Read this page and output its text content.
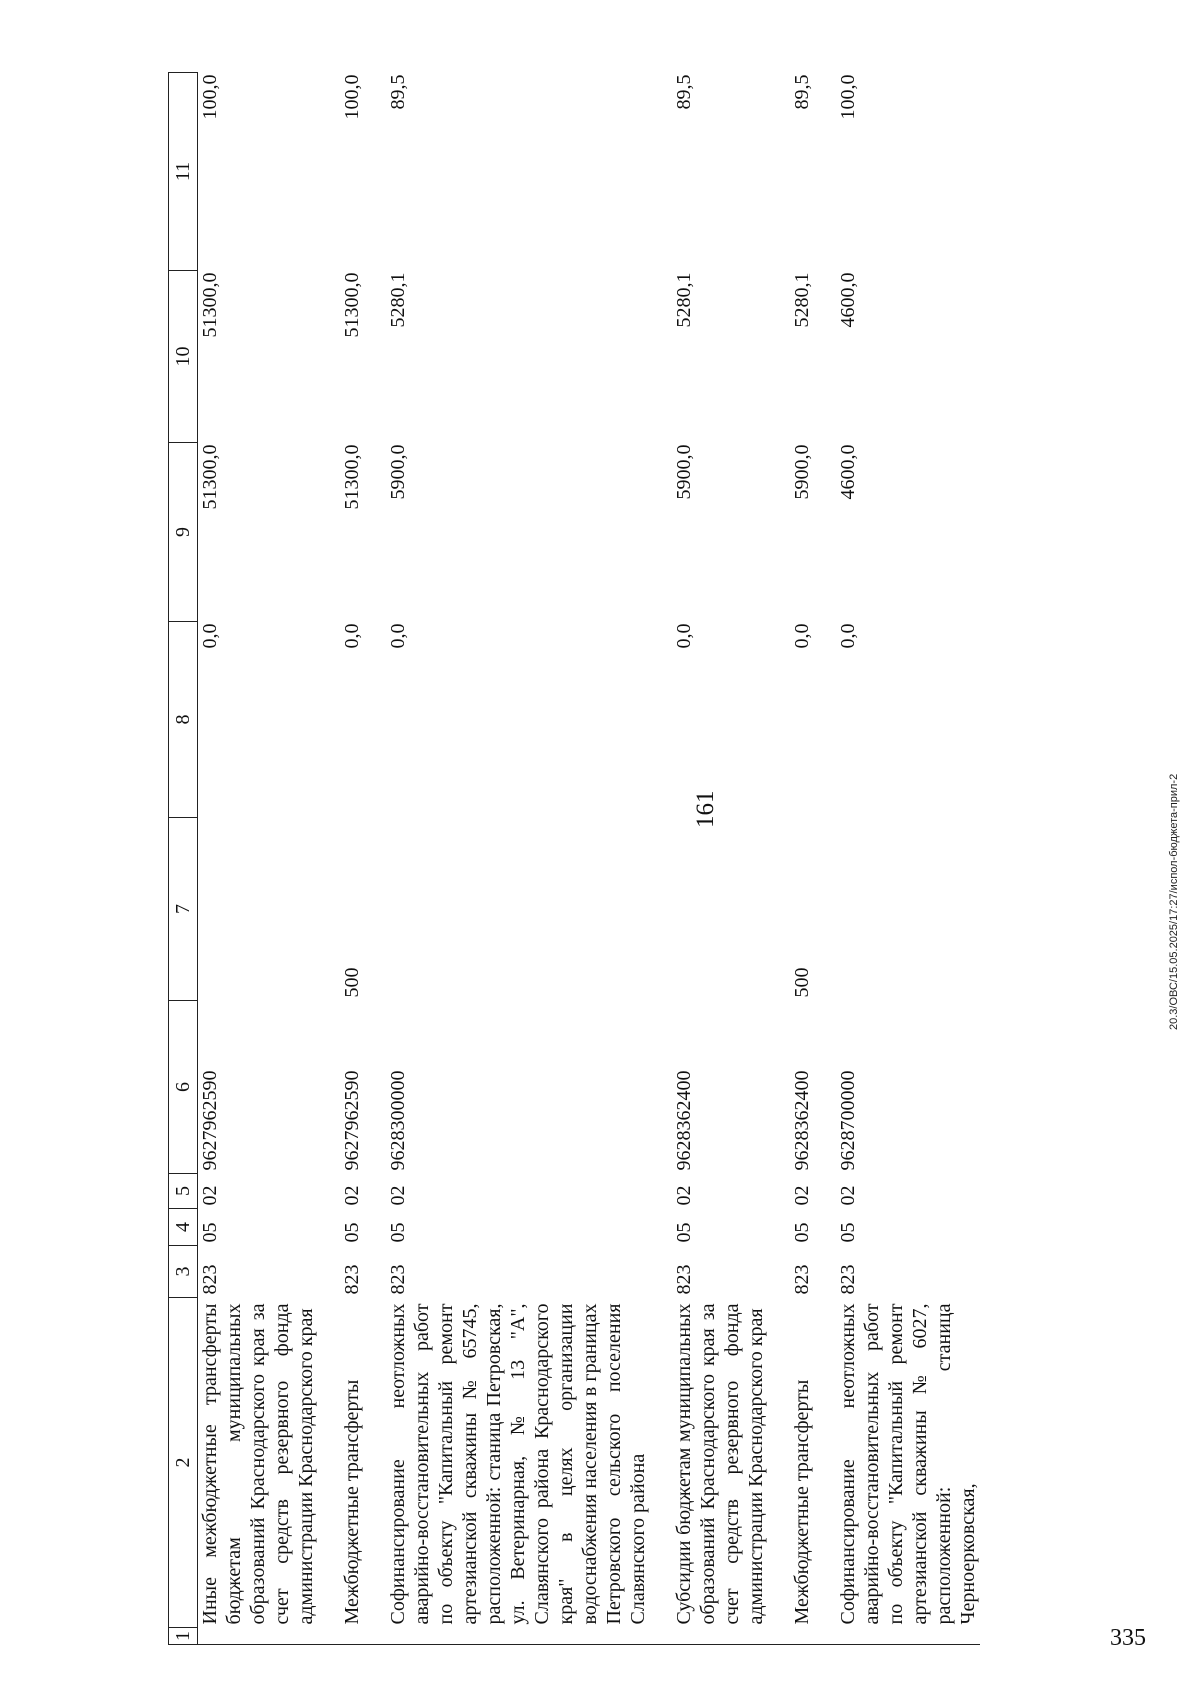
161
1	2	3	4	5	6	7	8	9	10	11
	Иные межбюджетные трансферты бюджетам муниципальных образований Краснодарского края за счет средств резервного фонда администрации Краснодарского края	823	05	02	9627962590		0,0	51300,0	51300,0	100,0

	Межбюджетные трансферты	823	05	02	9627962590	500	0,0	51300,0	51300,0	100,0

	Софинансирование неотложных аварийно-восстановительных работ по объекту "Капитальный ремонт артезианской скважины № 65745, расположенной: станица Петровская, ул. Ветеринарная, № 13 "А", Славянского района Краснодарского края" в целях организации водоснабжения населения в границах Петровского сельского поселения Славянского района	823	05	02	9628300000		0,0	5900,0	5280,1	89,5

	Субсидии бюджетам муниципальных образований Краснодарского края за счет средств резервного фонда администрации Краснодарского края	823	05	02	9628362400		0,0	5900,0	5280,1	89,5

	Межбюджетные трансферты	823	05	02	9628362400	500	0,0	5900,0	5280,1	89,5

	Софинансирование неотложных аварийно-восстановительных работ по объекту "Капитальный ремонт артезианской скважины № 6027, расположенной: станица Черноерковская,	823	05	02	9628700000		0,0	4600,0	4600,0	100,0
20.3/ОВС/15.05.2025/17:27/испол-бюджета-прил-2
335
